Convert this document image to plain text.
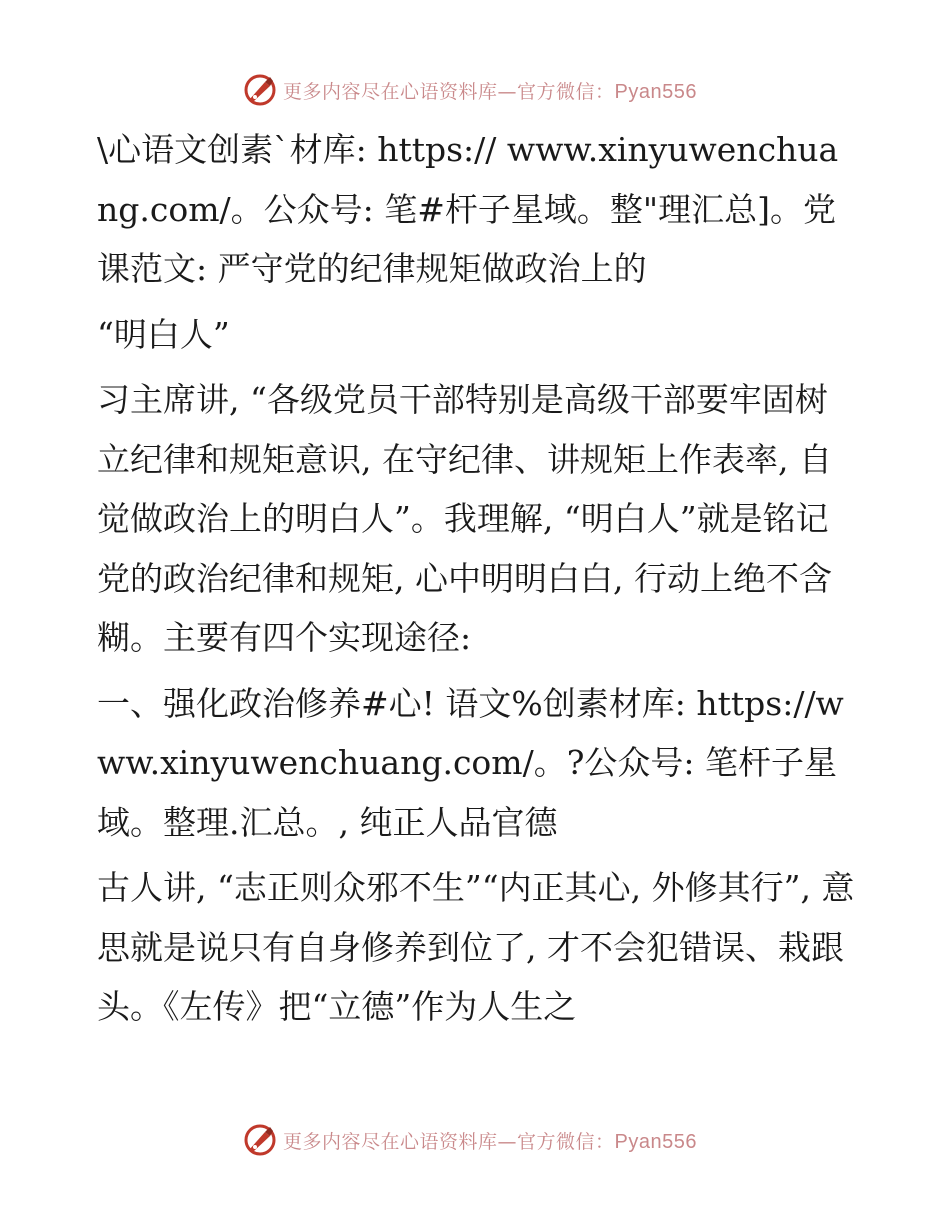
更多内容尽在心语资料库—官方微信：Pyan556

\心语文创素`材库: https:// www.xinyuwenchuang.com/。公众号: 笔#杆子星域。整"理汇总]。党课范文: 严守党的纪律规矩做政治上的

“明白人”

习主席讲, “各级党员干部特别是高级干部要牢固树立纪律和规矩意识, 在守纪律、讲规矩上作表率, 自觉做政治上的明白人”。我理解, “明白人”就是铭记党的政治纪律和规矩, 心中明明白白, 行动上绝不含糊。主要有四个实现途径:

一、强化政治修养#心! 语文%创素材库: https://www.xinyuwenchuang.com/。?公众号: 笔杆子星域。整理.汇总。, 纯正人品官德

古人讲, “志正则众邪不生”“内正其心, 外修其行”, 意思就是说只有自身修养到位了, 才不会犯错误、栽跟头。《左传》把“立德”作为人生之

更多内容尽在心语资料库—官方微信：Pyan556
